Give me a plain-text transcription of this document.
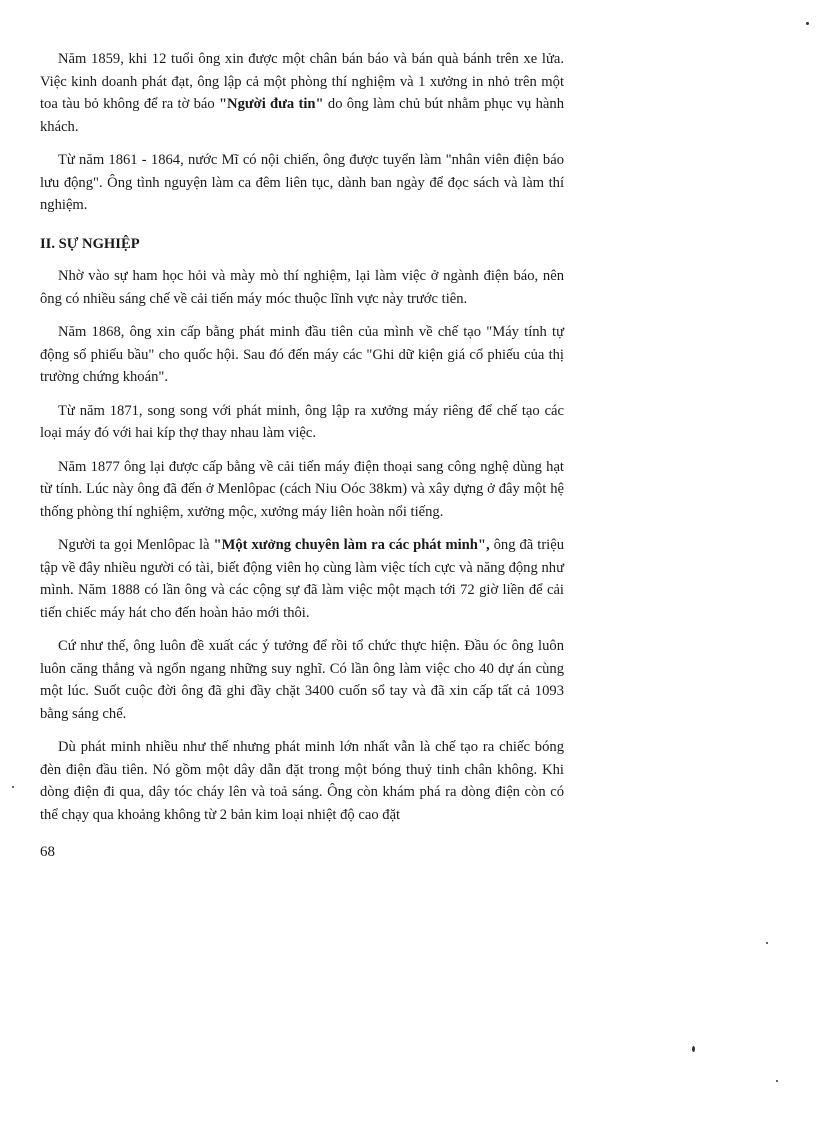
Năm 1859, khi 12 tuổi ông xin được một chân bán báo và bán quà bánh trên xe lửa. Việc kinh doanh phát đạt, ông lập cả một phòng thí nghiệm và 1 xưởng in nhỏ trên một toa tàu bỏ không để ra tờ báo "Người đưa tin" do ông làm chủ bút nhằm phục vụ hành khách.

Từ năm 1861 - 1864, nước Mĩ có nội chiến, ông được tuyển làm "nhân viên điện báo lưu động". Ông tình nguyện làm ca đêm liên tục, dành ban ngày để đọc sách và làm thí nghiệm.

II. SỰ NGHIỆP

Nhờ vào sự ham học hỏi và mày mò thí nghiệm, lại làm việc ở ngành điện báo, nên ông có nhiều sáng chế về cải tiến máy móc thuộc lĩnh vực này trước tiên.

Năm 1868, ông xin cấp bằng phát minh đầu tiên của mình về chế tạo "Máy tính tự động số phiếu bầu" cho quốc hội. Sau đó đến máy các "Ghi dữ kiện giá cổ phiếu của thị trường chứng khoán".

Từ năm 1871, song song với phát minh, ông lập ra xưởng máy riêng để chế tạo các loại máy đó với hai kíp thợ thay nhau làm việc.

Năm 1877 ông lại được cấp bằng về cải tiến máy điện thoại sang công nghệ dùng hạt từ tính. Lúc này ông đã đến ở Menlôpac (cách Niu Oóc 38km) và xây dựng ở đây một hệ thống phòng thí nghiệm, xưởng mộc, xưởng máy liên hoàn nổi tiếng.

Người ta gọi Menlôpac là "Một xưởng chuyên làm ra các phát minh", ông đã triệu tập về đây nhiều người có tài, biết động viên họ cùng làm việc tích cực và năng động như mình. Năm 1888 có lần ông và các cộng sự đã làm việc một mạch tới 72 giờ liền để cải tiến chiếc máy hát cho đến hoàn hảo mới thôi.

Cứ như thế, ông luôn đề xuất các ý tưởng để rồi tổ chức thực hiện. Đầu óc ông luôn luôn căng thẳng và ngổn ngang những suy nghĩ. Có lần ông làm việc cho 40 dự án cùng một lúc. Suốt cuộc đời ông đã ghi đầy chặt 3400 cuốn sổ tay và đã xin cấp tất cả 1093 bằng sáng chế.

Dù phát minh nhiều như thế nhưng phát minh lớn nhất vẫn là chế tạo ra chiếc bóng đèn điện đầu tiên. Nó gồm một dây dẫn đặt trong một bóng thuỷ tinh chân không. Khi dòng điện đi qua, dây tóc cháy lên và toả sáng. Ông còn khám phá ra dòng điện còn có thể chạy qua khoảng không từ 2 bản kim loại nhiệt độ cao đặt

68
